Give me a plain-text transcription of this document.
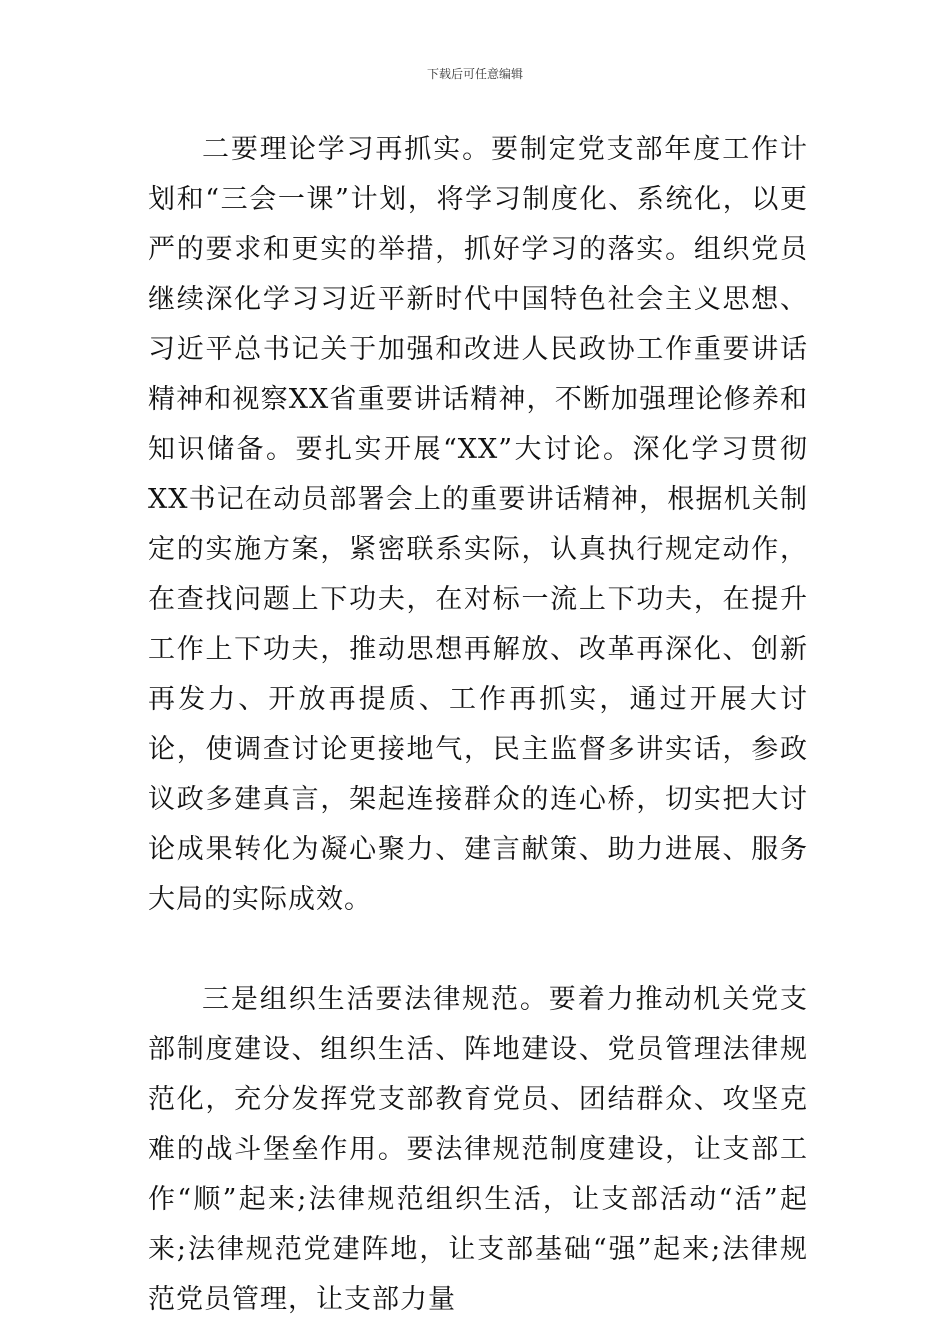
下载后可任意编辑

二要理论学习再抓实。要制定党支部年度工作计划和“三会一课”计划，将学习制度化、系统化，以更严的要求和更实的举措，抓好学习的落实。组织党员继续深化学习习近平新时代中国特色社会主义思想、习近平总书记关于加强和改进人民政协工作重要讲话精神和视察XX省重要讲话精神，不断加强理论修养和知识储备。要扎实开展“XX”大讨论。深化学习贯彻XX书记在动员部署会上的重要讲话精神，根据机关制定的实施方案，紧密联系实际，认真执行规定动作，在查找问题上下功夫，在对标一流上下功夫，在提升工作上下功夫，推动思想再解放、改革再深化、创新再发力、开放再提质、工作再抓实，通过开展大讨论，使调查讨论更接地气，民主监督多讲实话，参政议政多建真言，架起连接群众的连心桥，切实把大讨论成果转化为凝心聚力、建言献策、助力进展、服务大局的实际成效。

三是组织生活要法律规范。要着力推动机关党支部制度建设、组织生活、阵地建设、党员管理法律规范化，充分发挥党支部教育党员、团结群众、攻坚克难的战斗堡垒作用。要法律规范制度建设，让支部工作“顺”起来;法律规范组织生活，让支部活动“活”起来;法律规范党建阵地，让支部基础“强”起来;法律规范党员管理，让支部力量
